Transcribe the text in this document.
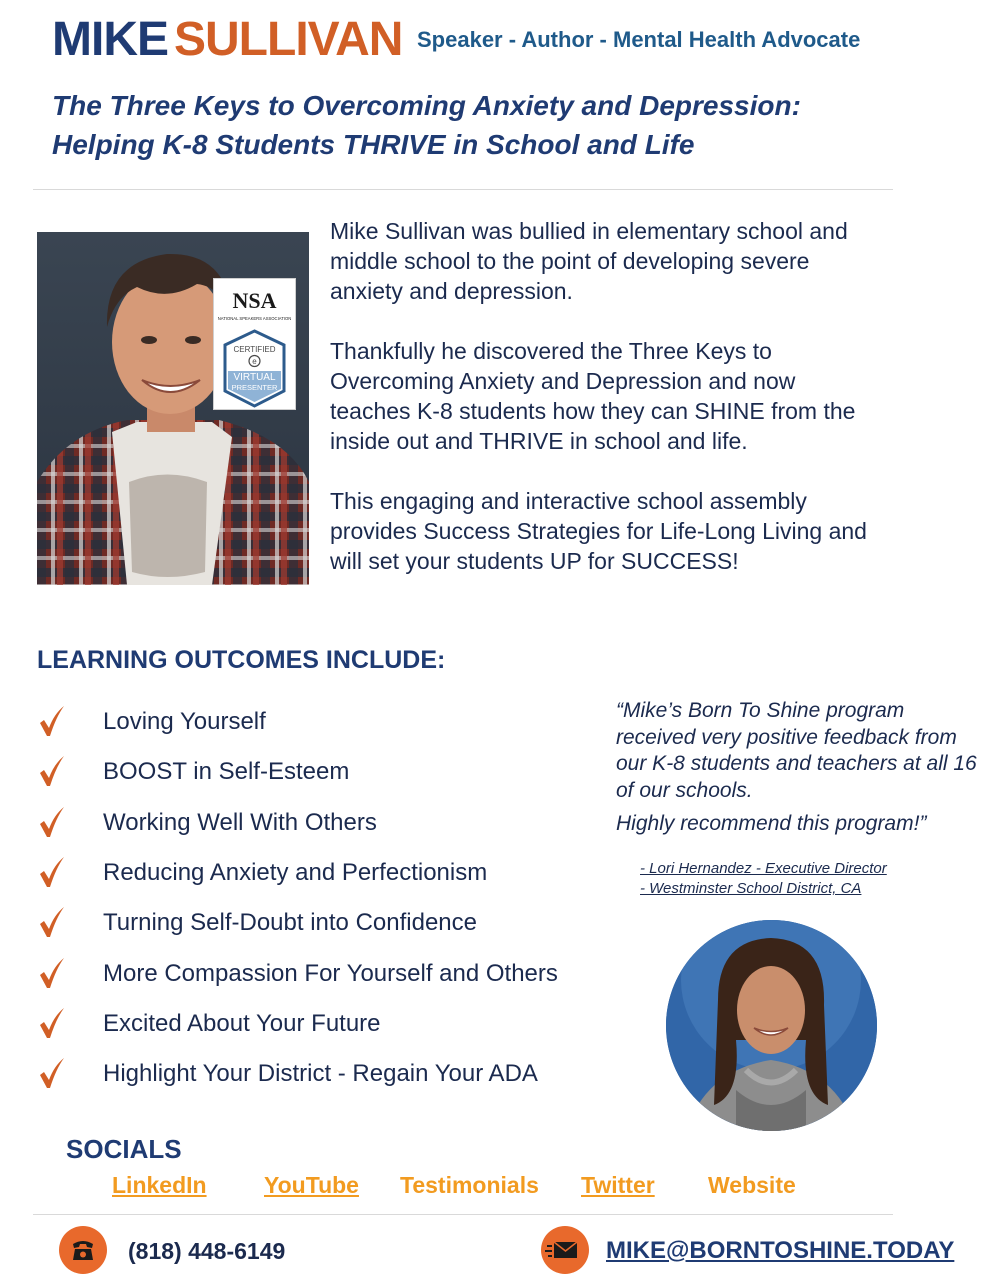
MIKE SULLIVAN Speaker - Author - Mental Health Advocate
The Three Keys to Overcoming Anxiety and Depression:
Helping K-8 Students THRIVE in School and Life
NSA
NATIONAL SPEAKERS ASSOCIATION
CERTIFIED
e
VIRTUAL
PRESENTER

Mike Sullivan was bullied in elementary school and middle school to the point of developing severe anxiety and depression.

Thankfully he discovered the Three Keys to Overcoming Anxiety and Depression and now teaches K-8 students how they can SHINE from the inside out and THRIVE in school and life.

This engaging and interactive school assembly provides Success Strategies for Life-Long Living and will set your students UP for SUCCESS!

LEARNING OUTCOMES INCLUDE:
Loving Yourself
BOOST in Self-Esteem
Working Well With Others
Reducing Anxiety and Perfectionism
Turning Self-Doubt into Confidence
More Compassion For Yourself and Others
Excited About Your Future
Highlight Your District - Regain Your ADA
“Mike’s Born To Shine program received very positive feedback from our K-8 students and teachers at all 16 of our schools.
Highly recommend this program!”
- Lori Hernandez - Executive Director
- Westminster School District, CA
SOCIALS
LinkedIn YouTube Testimonials Twitter Website
(818) 448-6149	MIKE@BORNTOSHINE.TODAY
